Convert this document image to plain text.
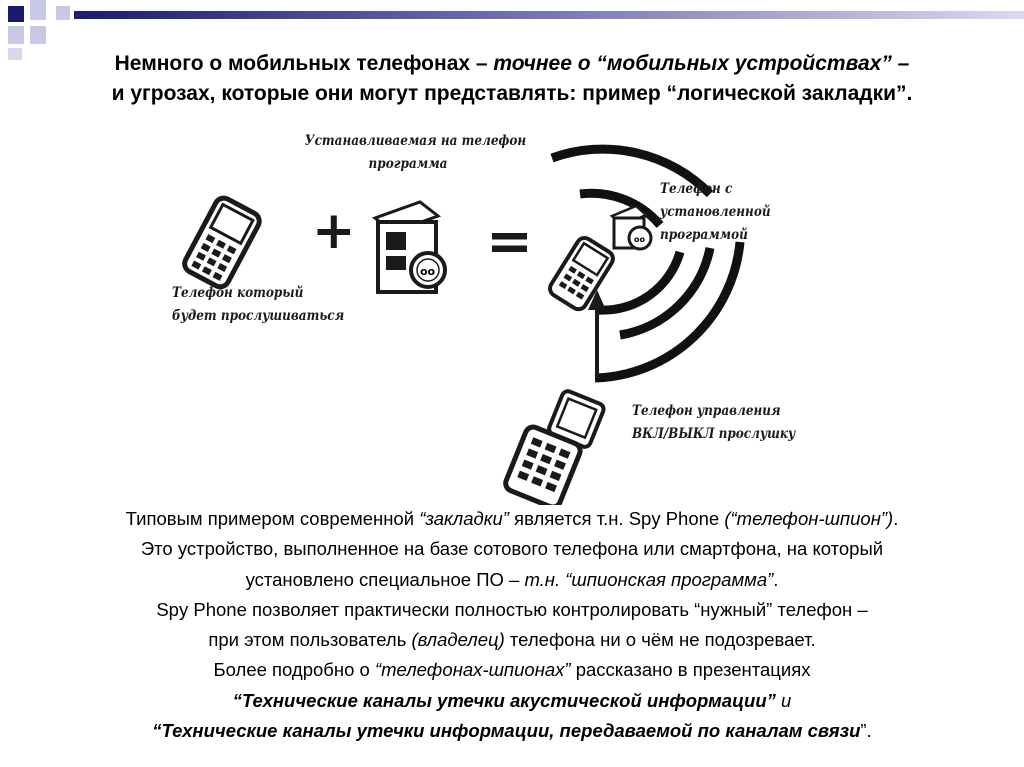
Немного о мобильных телефонах – точнее о “мобильных устройствах” –
и угрозах, которые они могут представлять: пример “логической закладки”.
oo
oo
+ =
Устанавливаемая на телефон
программа
Телефон который
будет прослушиваться
Телефон с
установленной
программой
Телефон управления
ВКЛ/ВЫКЛ прослушку
Типовым примером современной “закладки” является т.н. Spy Phone (“телефон-шпион”).
Это устройство, выполненное на базе сотового телефона или смартфона, на который
установлено специальное ПО – т.н. “шпионская программа”.
Spy Phone позволяет практически полностью контролировать “нужный” телефон –
при этом пользователь (владелец) телефона ни о чём не подозревает.
Более подробно о “телефонах-шпионах” рассказано в презентациях
“Технические каналы утечки акустической информации” и
“Технические каналы утечки информации, передаваемой по каналам связи”.
